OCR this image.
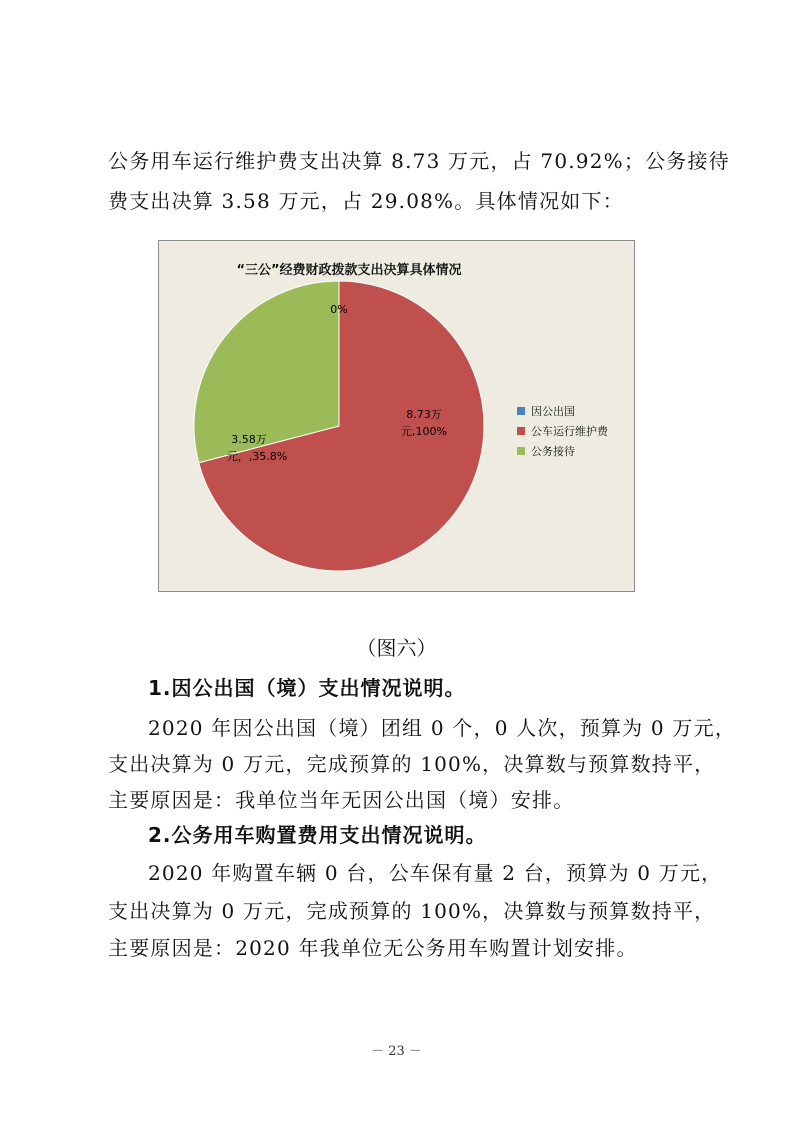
公务用车运行维护费支出决算 8.73 万元，占 70.92%；公务接待

费支出决算 3.58 万元，占 29.08%。具体情况如下：

“三公”经费财政拨款支出决算具体情况
0%
8.73万
元,100%
3.58万
元，,35.8%
因公出国
公车运行维护费
公务接待
（图六）

1.因公出国（境）支出情况说明。

2020 年因公出国（境）团组 0 个，0 人次，预算为 0 万元，

支出决算为 0 万元，完成预算的 100%，决算数与预算数持平，

主要原因是：我单位当年无因公出国（境）安排。

2.公务用车购置费用支出情况说明。

2020 年购置车辆 0 台，公车保有量 2 台，预算为 0 万元，

支出决算为 0 万元，完成预算的 100%，决算数与预算数持平，

主要原因是：2020 年我单位无公务用车购置计划安排。

－ 23 －
